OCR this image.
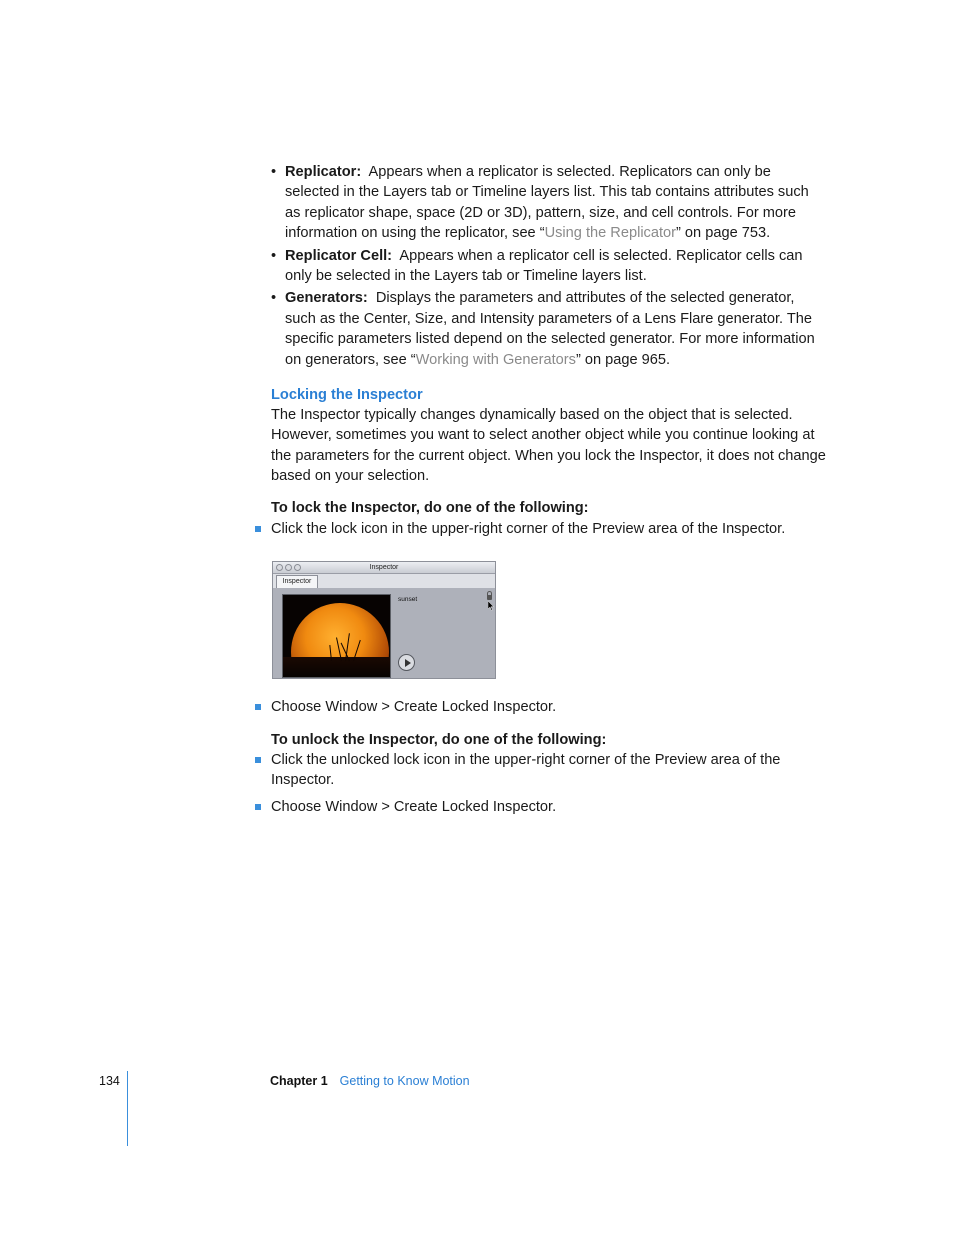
• Replicator: Appears when a replicator is selected. Replicators can only be selected in the Layers tab or Timeline layers list. This tab contains attributes such as replicator shape, space (2D or 3D), pattern, size, and cell controls. For more information on using the replicator, see “Using the Replicator” on page 753.
• Replicator Cell: Appears when a replicator cell is selected. Replicator cells can only be selected in the Layers tab or Timeline layers list.
• Generators: Displays the parameters and attributes of the selected generator, such as the Center, Size, and Intensity parameters of a Lens Flare generator. The specific parameters listed depend on the selected generator. For more information on generators, see “Working with Generators” on page 965.
Locking the Inspector
The Inspector typically changes dynamically based on the object that is selected. However, sometimes you want to select another object while you continue looking at the parameters for the current object. When you lock the Inspector, it does not change based on your selection.
To lock the Inspector, do one of the following:
Click the lock icon in the upper-right corner of the Preview area of the Inspector.
Inspector
Inspector
sunset
Choose Window > Create Locked Inspector.
To unlock the Inspector, do one of the following:
Click the unlocked lock icon in the upper-right corner of the Preview area of the Inspector.
Choose Window > Create Locked Inspector.
134	Chapter 1 Getting to Know Motion
